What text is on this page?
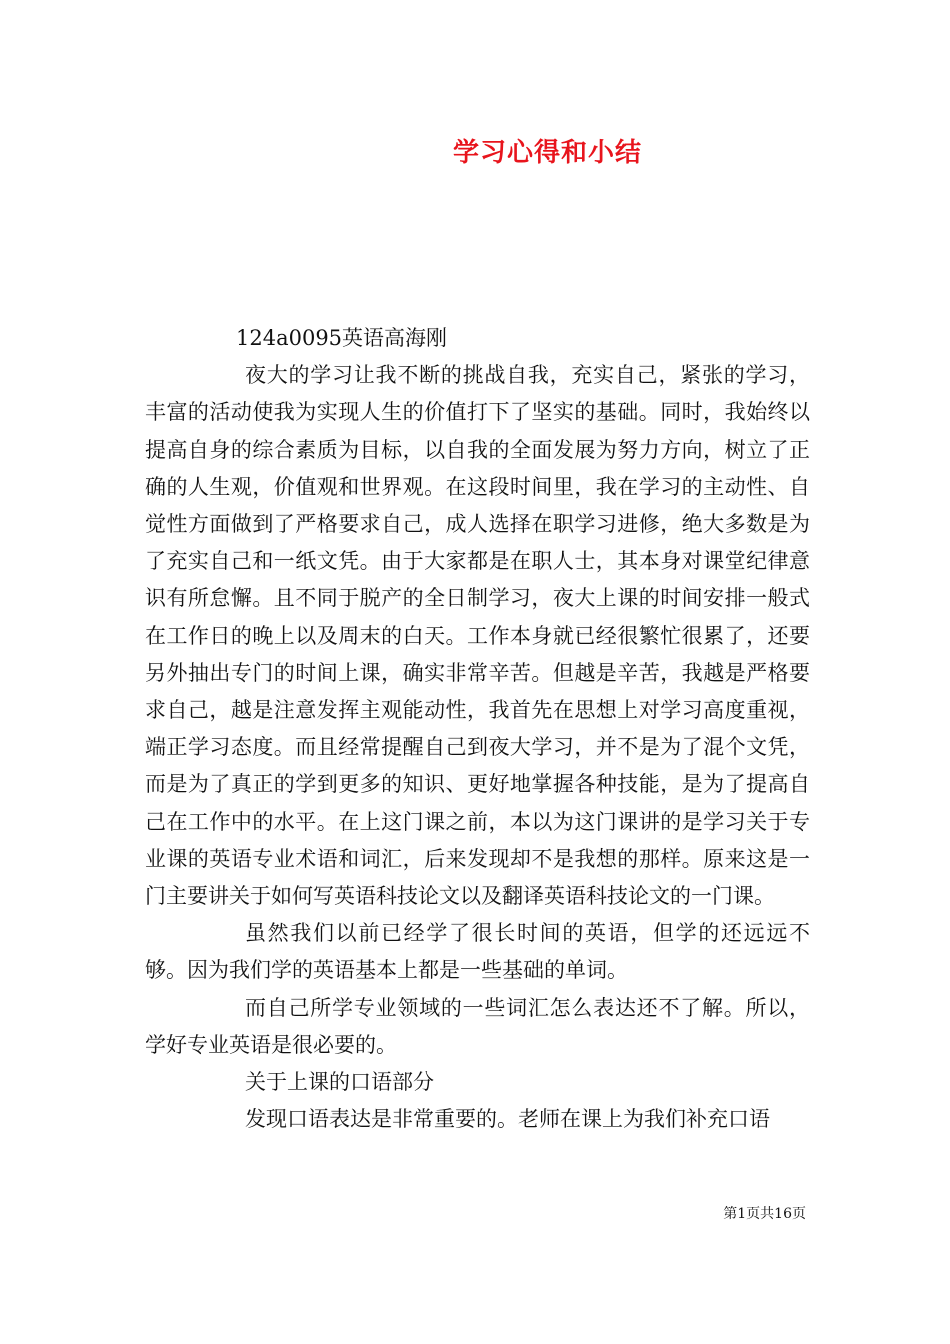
学习心得和小结

124a0095英语高海刚

夜大的学习让我不断的挑战自我，充实自己，紧张的学习，丰富的活动使我为实现人生的价值打下了坚实的基础。同时，我始终以提高自身的综合素质为目标，以自我的全面发展为努力方向，树立了正确的人生观，价值观和世界观。在这段时间里，我在学习的主动性、自觉性方面做到了严格要求自己，成人选择在职学习进修，绝大多数是为了充实自己和一纸文凭。由于大家都是在职人士，其本身对课堂纪律意识有所怠懈。且不同于脱产的全日制学习，夜大上课的时间安排一般式在工作日的晚上以及周末的白天。工作本身就已经很繁忙很累了，还要另外抽出专门的时间上课，确实非常辛苦。但越是辛苦，我越是严格要求自己，越是注意发挥主观能动性，我首先在思想上对学习高度重视，端正学习态度。而且经常提醒自己到夜大学习，并不是为了混个文凭，而是为了真正的学到更多的知识、更好地掌握各种技能，是为了提高自己在工作中的水平。在上这门课之前，本以为这门课讲的是学习关于专业课的英语专业术语和词汇，后来发现却不是我想的那样。原来这是一门主要讲关于如何写英语科技论文以及翻译英语科技论文的一门课。

虽然我们以前已经学了很长时间的英语，但学的还远远不够。因为我们学的英语基本上都是一些基础的单词。

而自己所学专业领域的一些词汇怎么表达还不了解。所以，学好专业英语是很必要的。

关于上课的口语部分

发现口语表达是非常重要的。老师在课上为我们补充口语

第1页共16页
